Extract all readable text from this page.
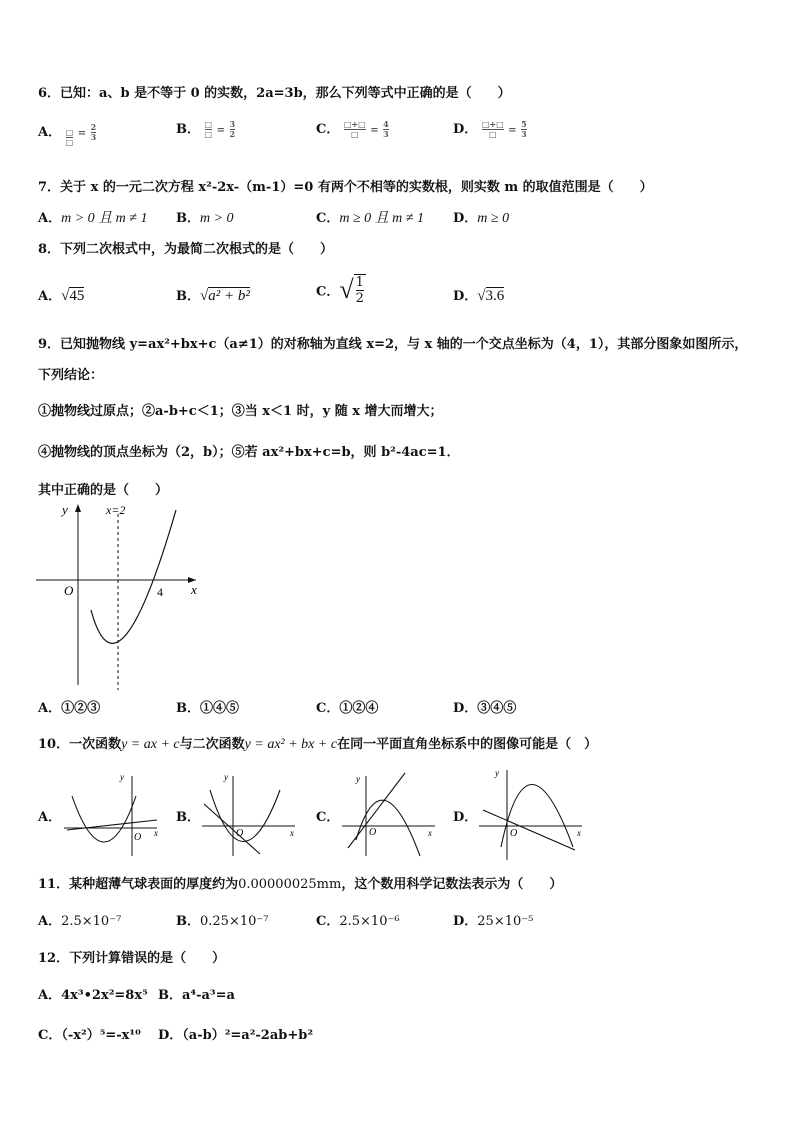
6．已知：a、b 是不等于 0 的实数，2a=3b，那么下列等式中正确的是（　　）
A． $\frac{□}{□} = \frac{2}{3}$	B． $\frac{□}{□} = \frac{3}{2}$	C． $\frac{□+□}{□} = \frac{4}{3}$	D． $\frac{□+□}{□} = \frac{5}{3}$
7．关于 x 的一元二次方程 x²-2x-（m-1）=0 有两个不相等的实数根，则实数 m 的取值范围是（　　）
A．m > 0 且 m ≠ 1 B．m > 0	C．m ≥ 0 且 m ≠ 1 D．m ≥ 0
8．下列二次根式中，为最简二次根式的是（　　）
A．√45	B．√a² + b²	C．$√\frac{1}{2}$	D．√3.6
9．已知抛物线 y=ax²+bx+c（a≠1）的对称轴为直线 x=2，与 x 轴的一个交点坐标为（4，1），其部分图象如图所示，
下列结论：
①抛物线过原点；②a-b+c＜1；③当 x＜1 时，y 随 x 增大而增大；
④抛物线的顶点坐标为（2，b）；⑤若 ax²+bx+c=b，则 b²-4ac=1．
其中正确的是（　　）
y
x
O
x=2
4
A．①②③	B．①④⑤	C．①②④	D．③④⑤
10．一次函数y = ax + c与二次函数y = ax² + bx + c在同一平面直角坐标系中的图像可能是（　）
A．
y
x
O
B．
y
x
O
C．
y
x
O
D．
y
x
O
11．某种超薄气球表面的厚度约为0.00000025mm，这个数用科学记数法表示为（　　）
A．2.5×10⁻⁷	B．0.25×10⁻⁷	C．2.5×10⁻⁶	D．25×10⁻⁵
12．下列计算错误的是（　　）
A．4x³•2x²=8x⁵ B．a⁴-a³=a
C．（-x²）⁵=-x¹⁰ D．（a-b）²=a²-2ab+b²
